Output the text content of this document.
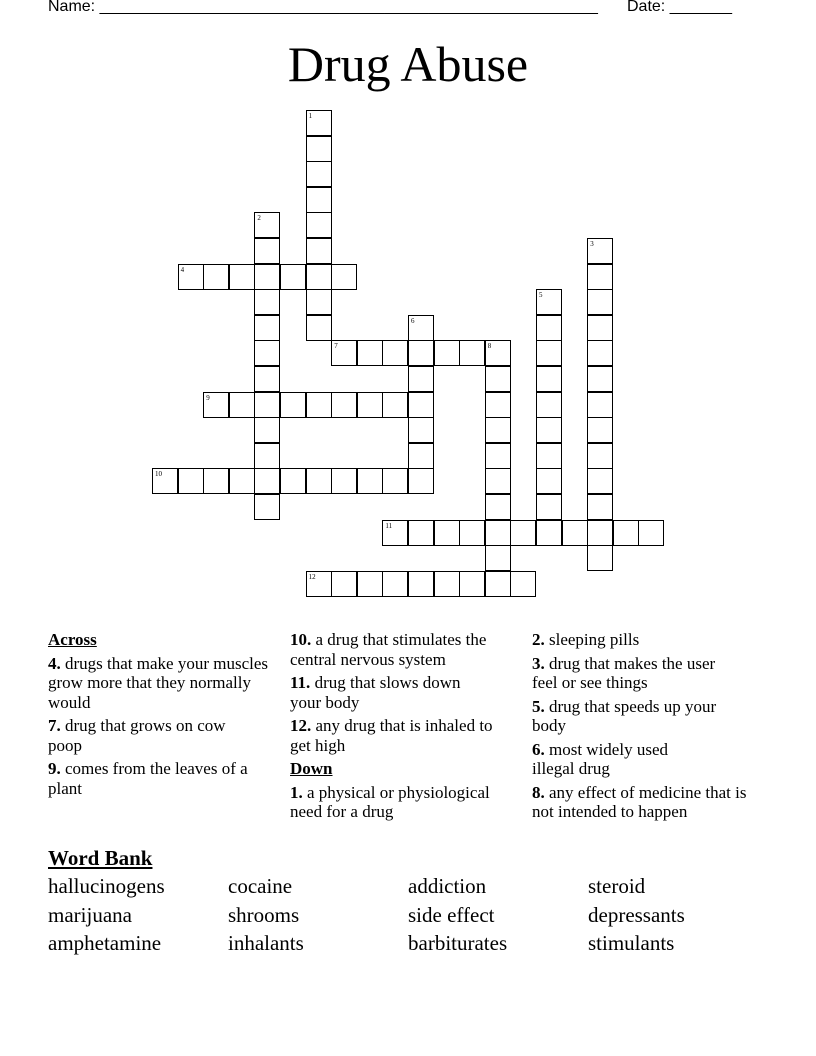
Name: ________________________________________________________ Date: _______
Drug Abuse
1
2
3
4
5
6
7	8
9
10
11
12
Across
4. drugs that make your muscles grow more that they normally would
7. drug that grows on cow poop
9. comes from the leaves of a plant
10. a drug that stimulates the central nervous system
11. drug that slows down your body
12. any drug that is inhaled to get high
Down
1. a physical or physiological need for a drug
2. sleeping pills
3. drug that makes the user feel or see things
5. drug that speeds up your body
6. most widely used illegal drug
8. any effect of medicine that is not intended to happen
Word Bank
hallucinogens	cocaine	addiction	steroid
marijuana	shrooms	side effect	depressants
amphetamine	inhalants	barbiturates	stimulants
